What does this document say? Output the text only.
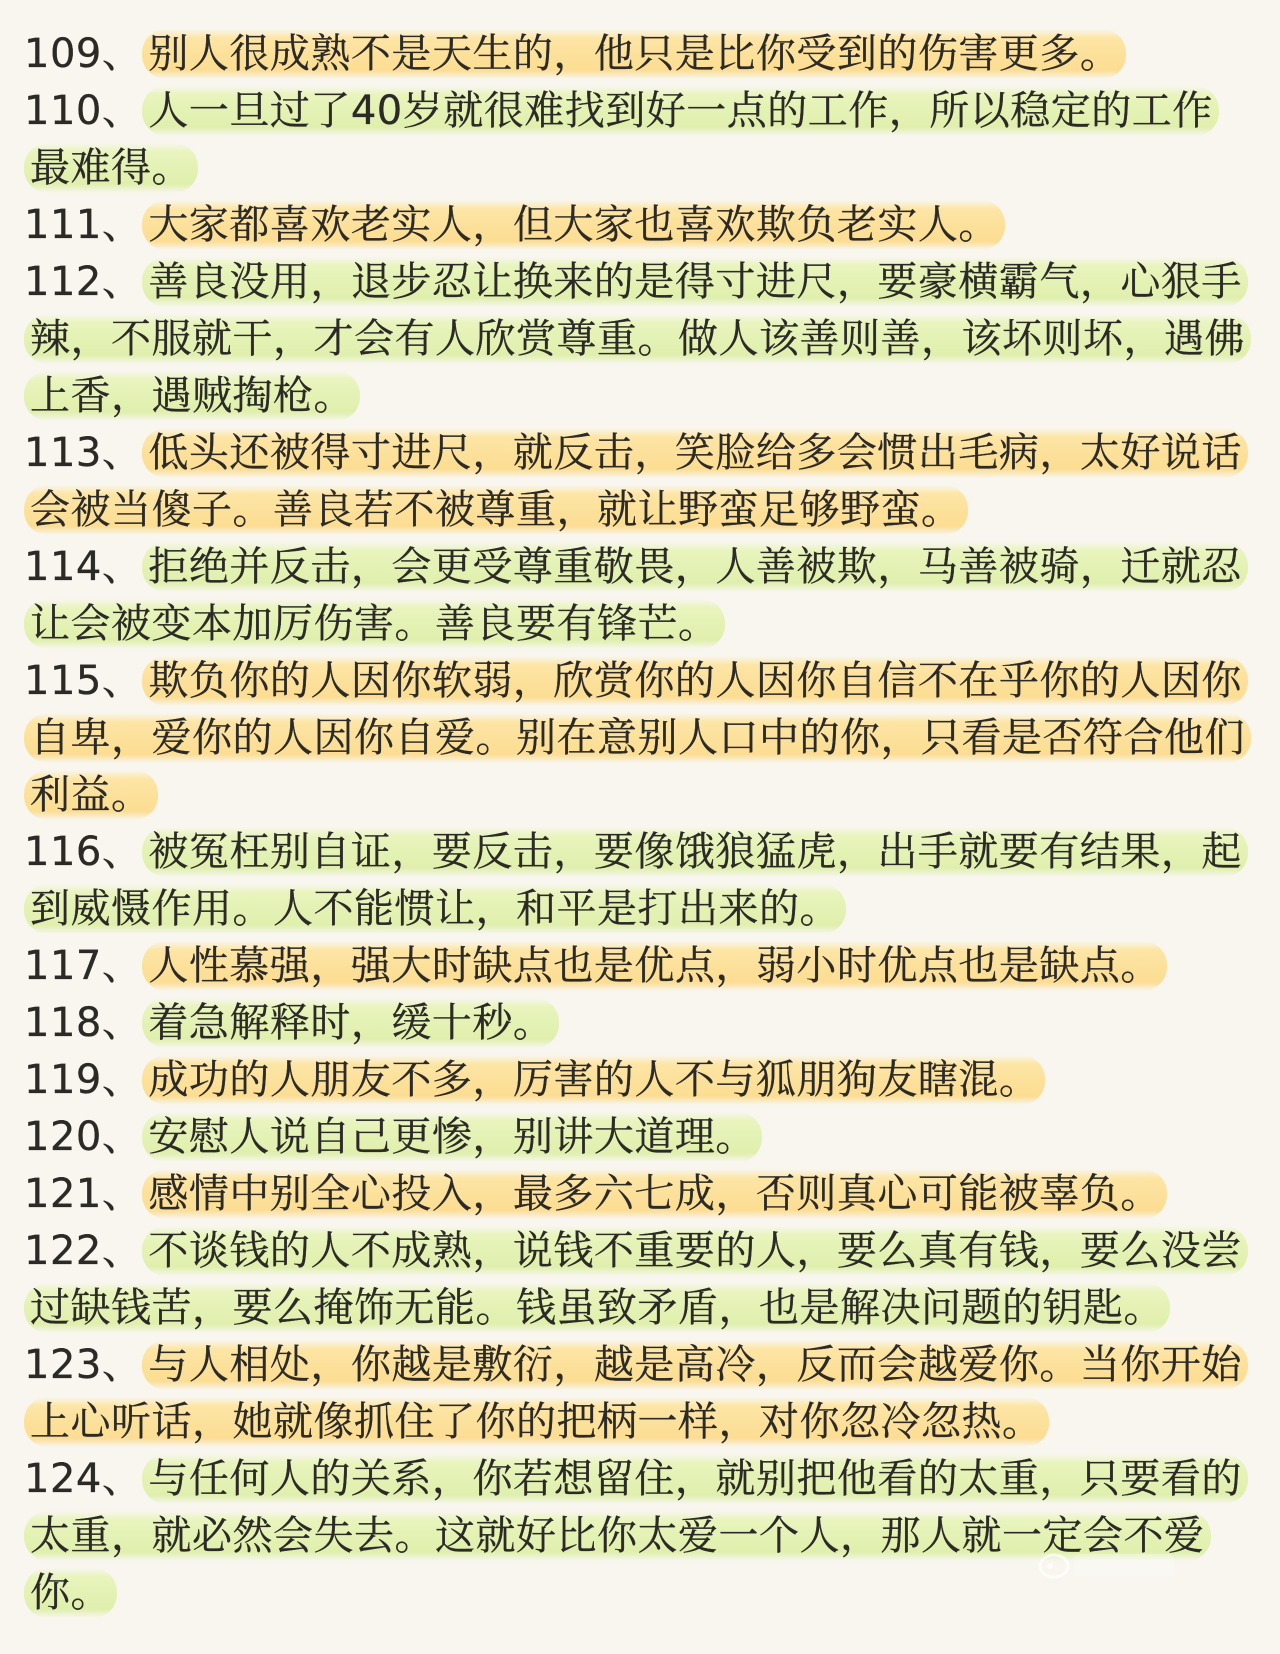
109、 别人很成熟不是天生的，他只是比你受到的伤害更多。

110、 人一旦过了40岁就很难找到好一点的工作，所以稳定的工作最难得。

111、 大家都喜欢老实人，但大家也喜欢欺负老实人。

112、 善良没用，退步忍让换来的是得寸进尺，要豪横霸气，心狠手辣，不服就干，才会有人欣赏尊重。做人该善则善，该坏则坏，遇佛上香，遇贼掏枪。

113、 低头还被得寸进尺，就反击，笑脸给多会惯出毛病，太好说话会被当傻子。善良若不被尊重，就让野蛮足够野蛮。

114、 拒绝并反击，会更受尊重敬畏，人善被欺，马善被骑，迁就忍让会被变本加厉伤害。善良要有锋芒。

115、 欺负你的人因你软弱，欣赏你的人因你自信不在乎你的人因你自卑，爱你的人因你自爱。别在意别人口中的你，只看是否符合他们利益。

116、 被冤枉别自证，要反击，要像饿狼猛虎，出手就要有结果，起到威慑作用。人不能惯让，和平是打出来的。

117、 人性慕强，强大时缺点也是优点，弱小时优点也是缺点。

118、 着急解释时，缓十秒。

119、 成功的人朋友不多，厉害的人不与狐朋狗友瞎混。

120、 安慰人说自己更惨，别讲大道理。

121、 感情中别全心投入，最多六七成，否则真心可能被辜负。

122、 不谈钱的人不成熟，说钱不重要的人，要么真有钱，要么没尝过缺钱苦，要么掩饰无能。钱虽致矛盾，也是解决问题的钥匙。

123、 与人相处，你越是敷衍，越是高冷，反而会越爱你。当你开始上心听话，她就像抓住了你的把柄一样，对你忽冷忽热。

124、 与任何人的关系，你若想留住，就别把他看的太重，只要看的太重，就必然会失去。这就好比你太爱一个人，那人就一定会不爱你。
